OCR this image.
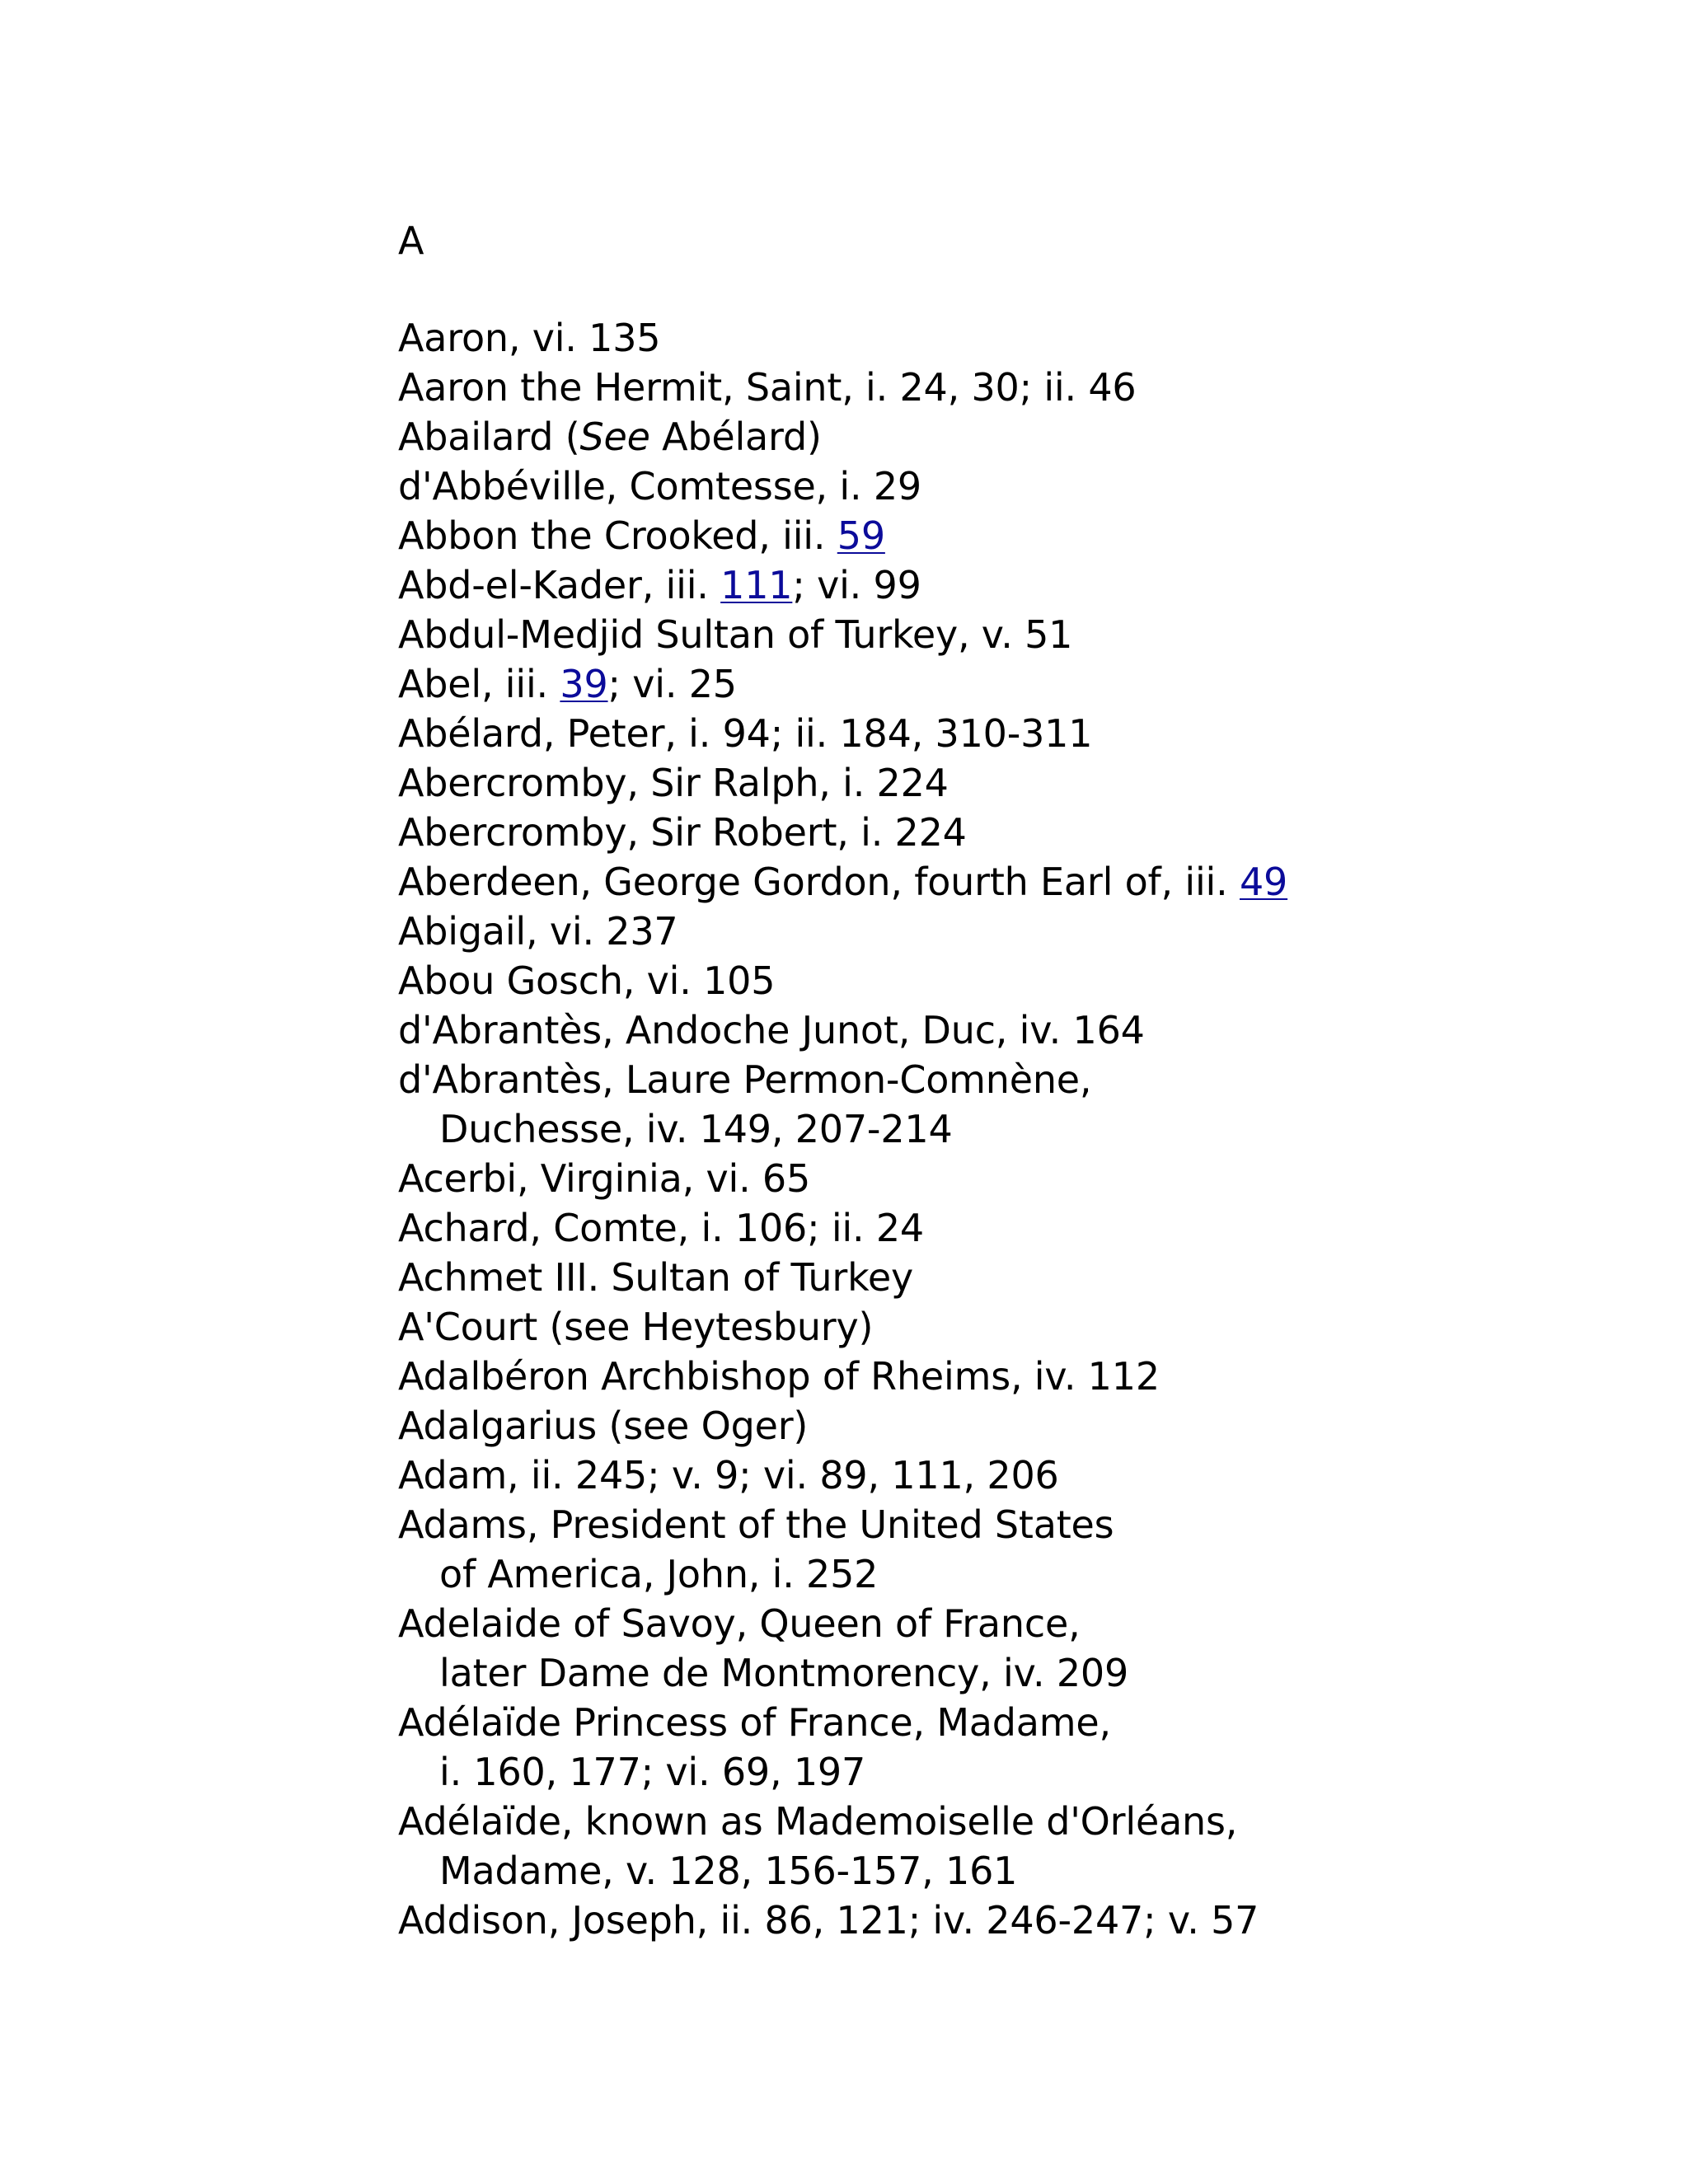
A
Aaron, vi. 135
Aaron the Hermit, Saint, i. 24, 30; ii. 46
Abailard (See Abélard)
d'Abbéville, Comtesse, i. 29
Abbon the Crooked, iii. 59
Abd-el-Kader, iii. 111; vi. 99
Abdul-Medjid Sultan of Turkey, v. 51
Abel, iii. 39; vi. 25
Abélard, Peter, i. 94; ii. 184, 310-311
Abercromby, Sir Ralph, i. 224
Abercromby, Sir Robert, i. 224
Aberdeen, George Gordon, fourth Earl of, iii. 49
Abigail, vi. 237
Abou Gosch, vi. 105
d'Abrantès, Andoche Junot, Duc, iv. 164
d'Abrantès, Laure Permon-Comnène,
Duchesse, iv. 149, 207-214
Acerbi, Virginia, vi. 65
Achard, Comte, i. 106; ii. 24
Achmet III. Sultan of Turkey
A'Court (see Heytesbury)
Adalbéron Archbishop of Rheims, iv. 112
Adalgarius (see Oger)
Adam, ii. 245; v. 9; vi. 89, 111, 206
Adams, President of the United States
of America, John, i. 252
Adelaide of Savoy, Queen of France,
later Dame de Montmorency, iv. 209
Adélaïde Princess of France, Madame,
i. 160, 177; vi. 69, 197
Adélaïde, known as Mademoiselle d'Orléans,
Madame, v. 128, 156-157, 161
Addison, Joseph, ii. 86, 121; iv. 246-247; v. 57
